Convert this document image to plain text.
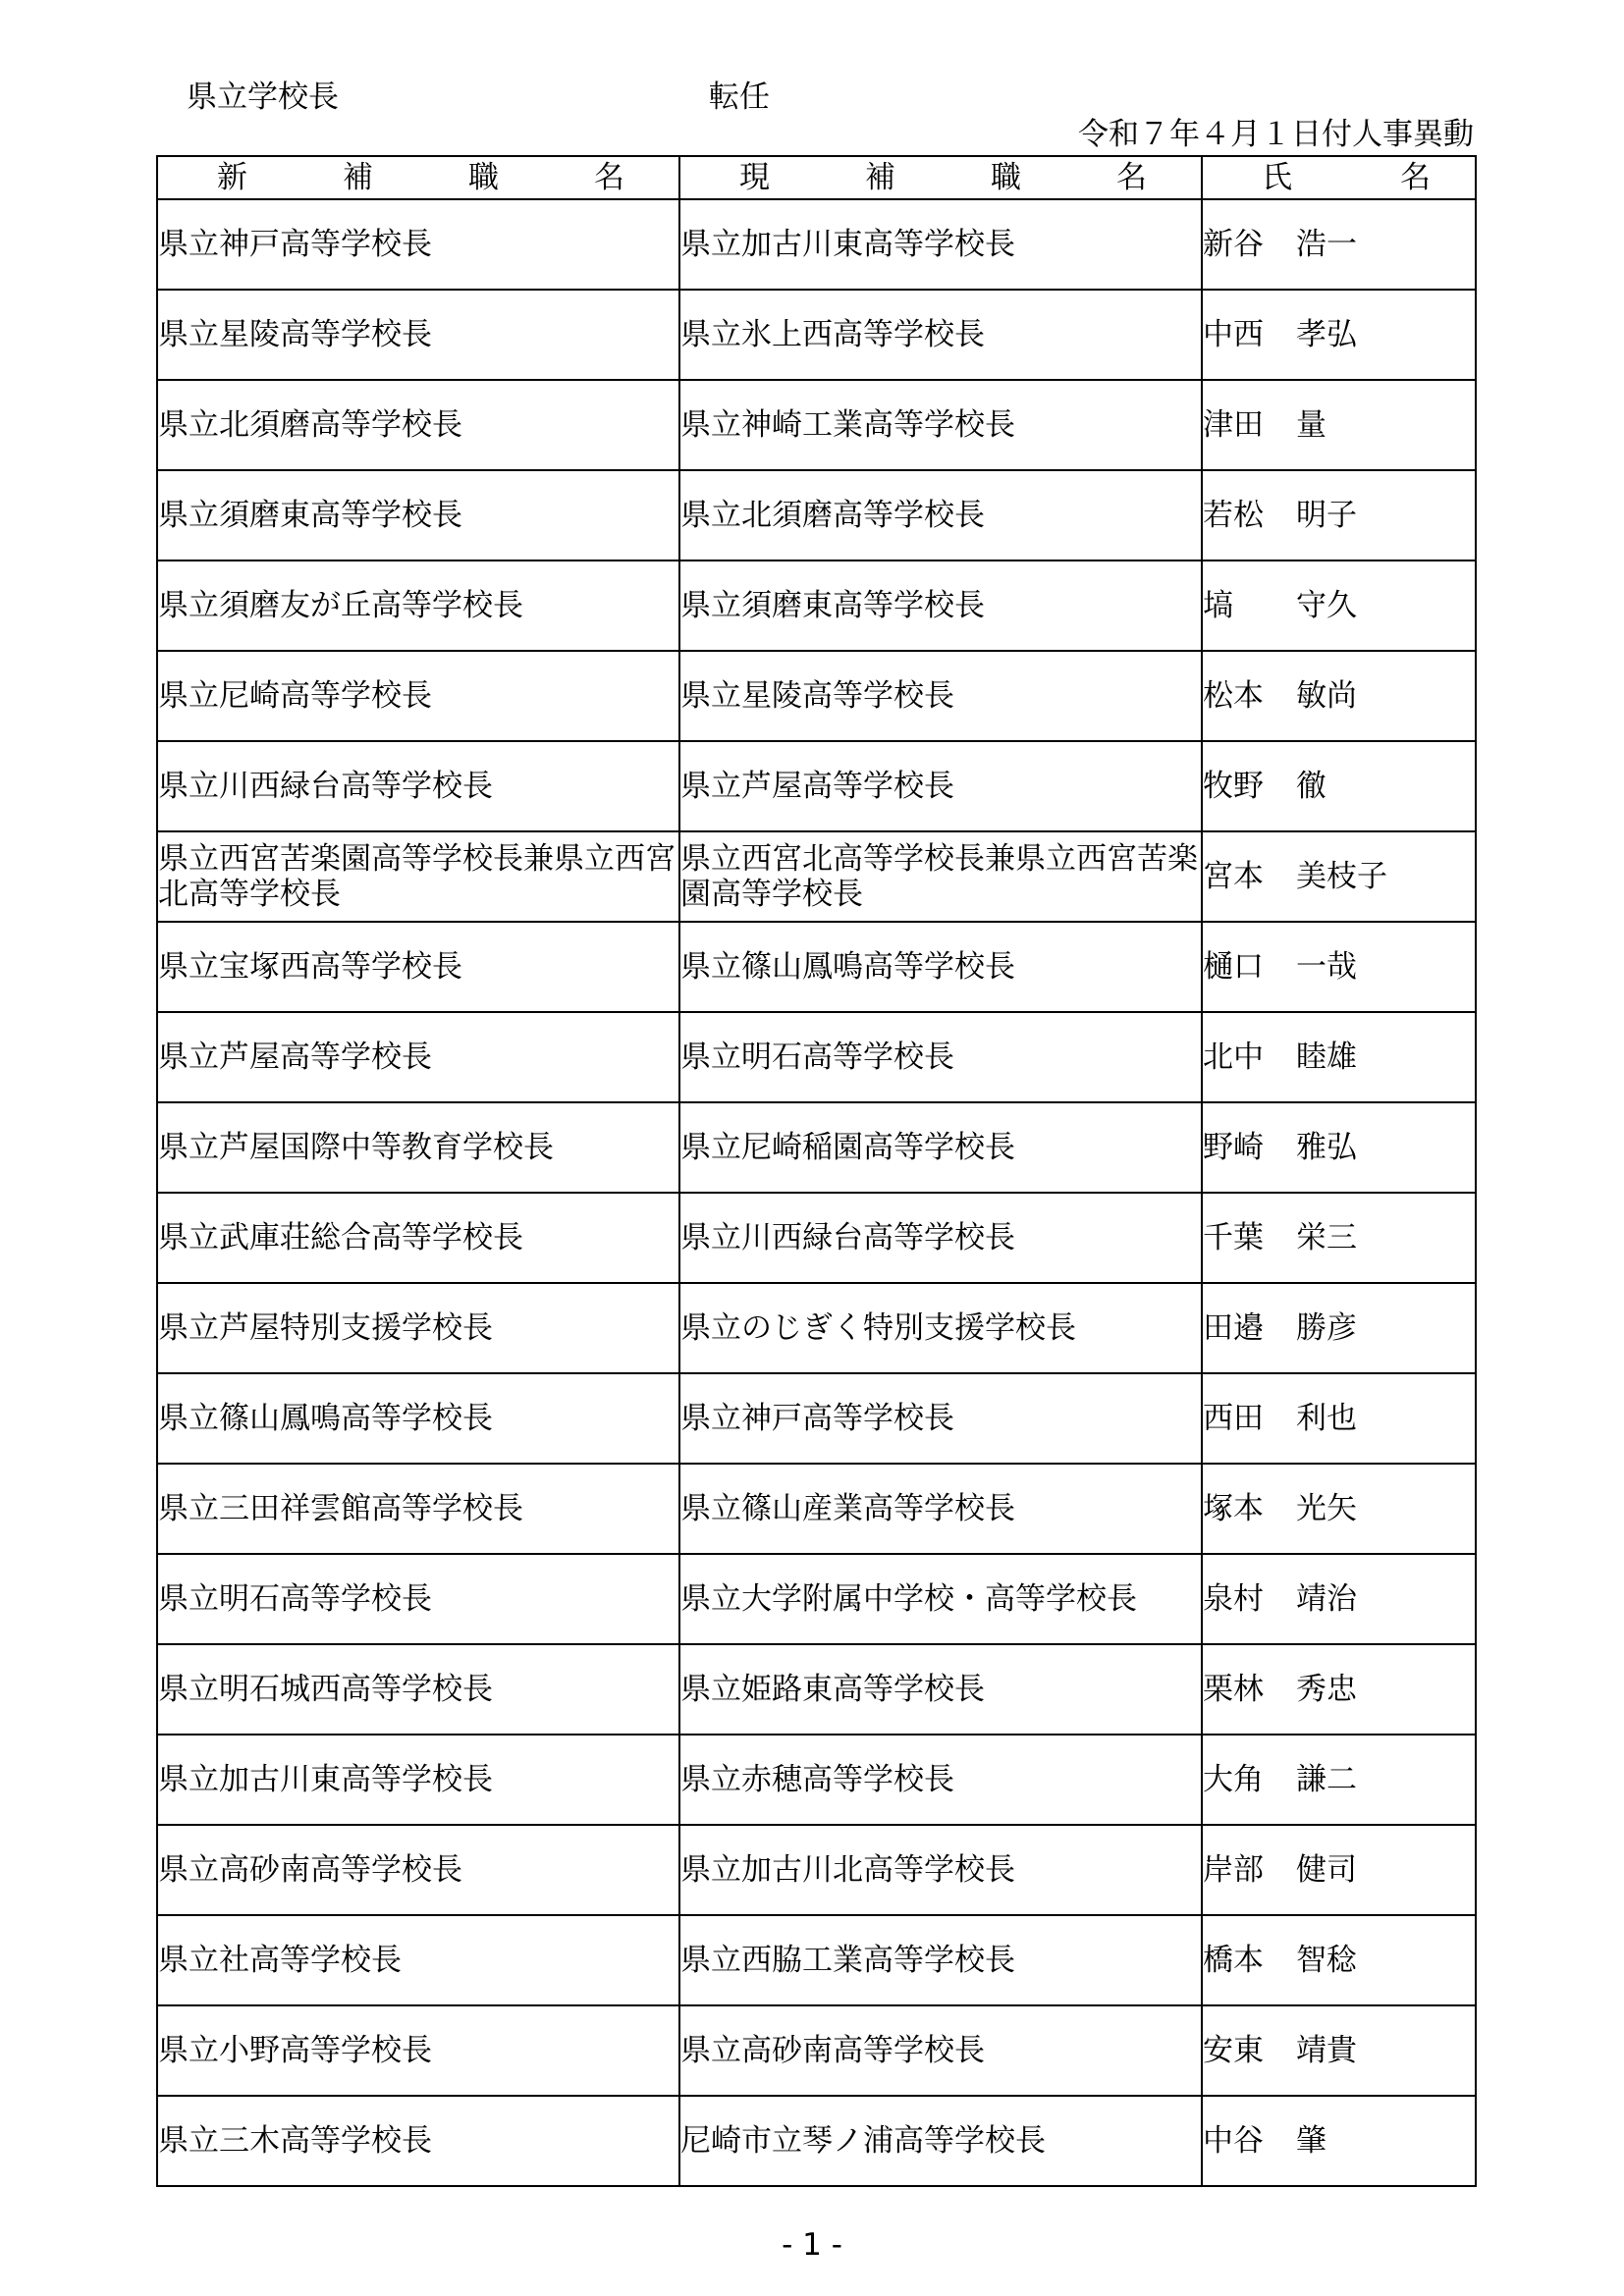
県立学校長	転任
令和７年４月１日付人事異動
新 補 職 名	現 補 職 名	氏 名

県立神戸高等学校長	県立加古川東高等学校長	新谷 浩一
県立星陵高等学校長	県立氷上西高等学校長	中西 孝弘
県立北須磨高等学校長	県立神崎工業高等学校長	津田 量
県立須磨東高等学校長	県立北須磨高等学校長	若松 明子
県立須磨友が丘高等学校長	県立須磨東高等学校長	塙 守久
県立尼崎高等学校長	県立星陵高等学校長	松本 敏尚
県立川西緑台高等学校長	県立芦屋高等学校長	牧野 徹
県立西宮苦楽園高等学校長兼県立西宮北高等学校長	県立西宮北高等学校長兼県立西宮苦楽園高等学校長	宮本 美枝子
県立宝塚西高等学校長	県立篠山鳳鳴高等学校長	樋口 一哉
県立芦屋高等学校長	県立明石高等学校長	北中 睦雄
県立芦屋国際中等教育学校長	県立尼崎稲園高等学校長	野崎 雅弘
県立武庫荘総合高等学校長	県立川西緑台高等学校長	千葉 栄三
県立芦屋特別支援学校長	県立のじぎく特別支援学校長	田邉 勝彦
県立篠山鳳鳴高等学校長	県立神戸高等学校長	西田 利也
県立三田祥雲館高等学校長	県立篠山産業高等学校長	塚本 光矢
県立明石高等学校長	県立大学附属中学校・高等学校長	泉村 靖治
県立明石城西高等学校長	県立姫路東高等学校長	栗林 秀忠
県立加古川東高等学校長	県立赤穂高等学校長	大角 謙二
県立高砂南高等学校長	県立加古川北高等学校長	岸部 健司
県立社高等学校長	県立西脇工業高等学校長	橋本 智稔
県立小野高等学校長	県立高砂南高等学校長	安東 靖貴
県立三木高等学校長	尼崎市立琴ノ浦高等学校長	中谷 肇
- 1 -
